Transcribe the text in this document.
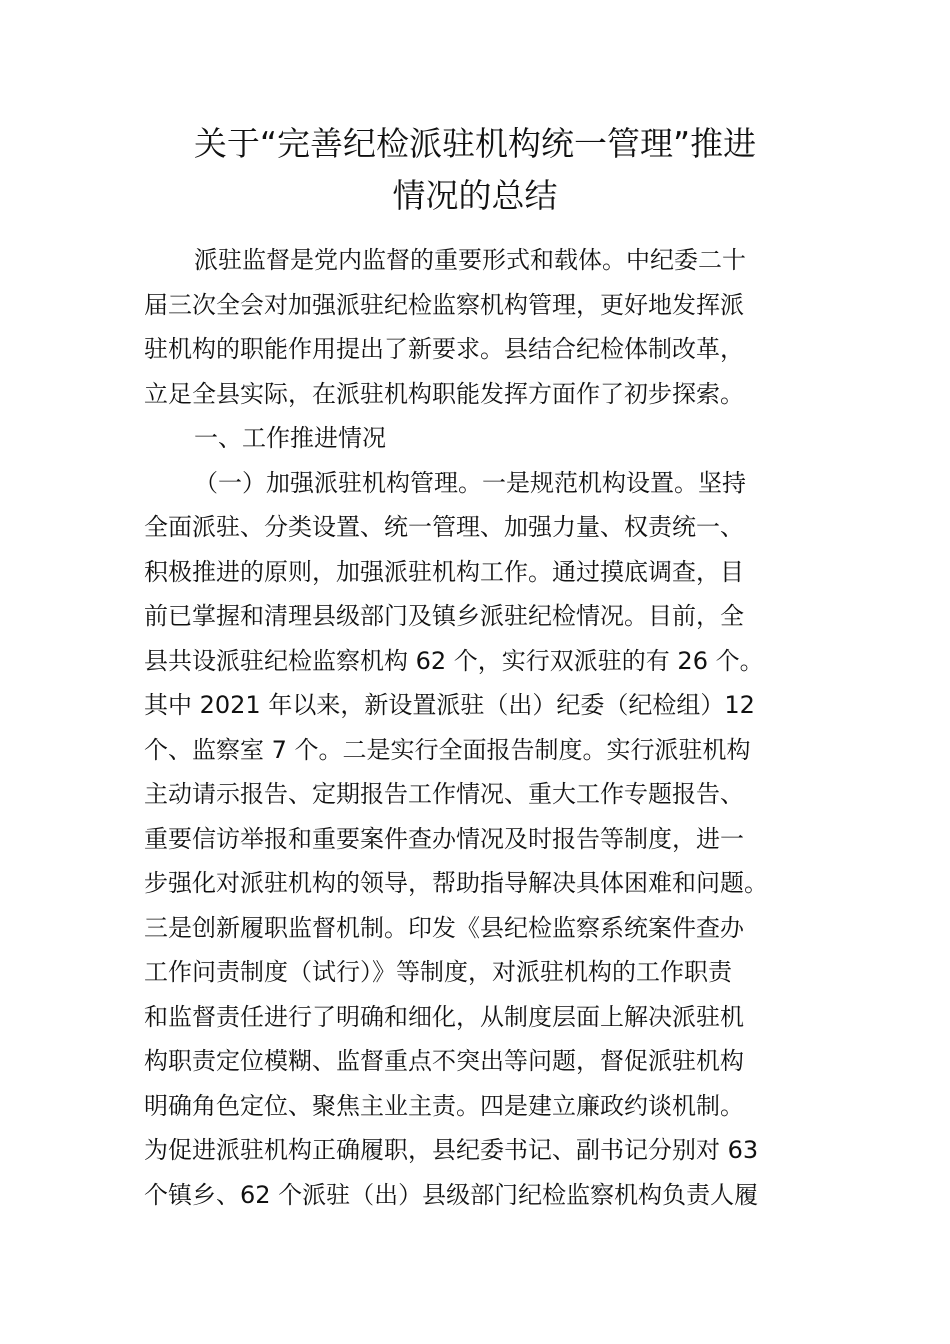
关于“完善纪检派驻机构统一管理”推进
情况的总结
派驻监督是党内监督的重要形式和载体。中纪委二十
届三次全会对加强派驻纪检监察机构管理，更好地发挥派
驻机构的职能作用提出了新要求。县结合纪检体制改革，
立足全县实际，在派驻机构职能发挥方面作了初步探索。
一、工作推进情况
（一）加强派驻机构管理。一是规范机构设置。坚持
全面派驻、分类设置、统一管理、加强力量、权责统一、
积极推进的原则，加强派驻机构工作。通过摸底调查，目
前已掌握和清理县级部门及镇乡派驻纪检情况。目前，全
县共设派驻纪检监察机构 62 个，实行双派驻的有 26 个。
其中 2021 年以来，新设置派驻（出）纪委（纪检组）12
个、监察室 7 个。二是实行全面报告制度。实行派驻机构
主动请示报告、定期报告工作情况、重大工作专题报告、
重要信访举报和重要案件查办情况及时报告等制度，进一
步强化对派驻机构的领导，帮助指导解决具体困难和问题。
三是创新履职监督机制。印发《县纪检监察系统案件查办
工作问责制度（试行）》等制度，对派驻机构的工作职责
和监督责任进行了明确和细化，从制度层面上解决派驻机
构职责定位模糊、监督重点不突出等问题，督促派驻机构
明确角色定位、聚焦主业主责。四是建立廉政约谈机制。
为促进派驻机构正确履职，县纪委书记、副书记分别对 63
个镇乡、62 个派驻（出）县级部门纪检监察机构负责人履
